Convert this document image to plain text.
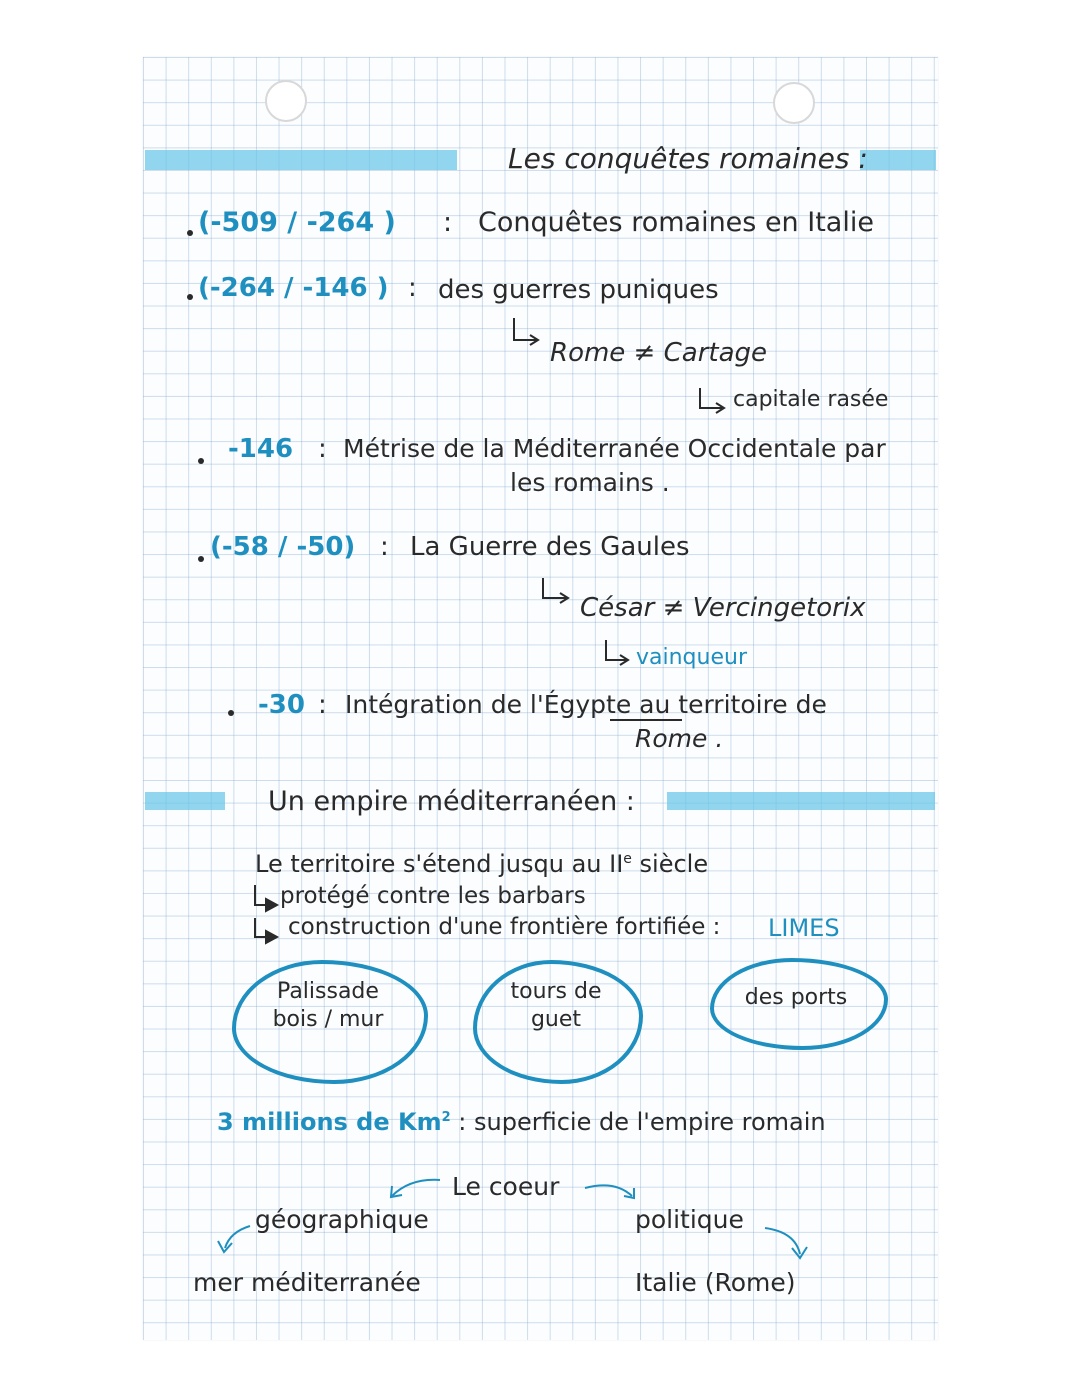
Les conquêtes romaines :
(-509 / -264 ) : Conquêtes romaines en Italie
(-264 / -146 ) : des guerres puniques
Rome ≠ Cartage
capitale rasée
-146 : Métrise de la Méditerranée Occidentale par
les romains .
(-58 / -50) : La Guerre des Gaules
César ≠ Vercingetorix
vainqueur
-30 : Intégration de l'Égypte au territoire de
Rome .
Un empire méditerranéen :
Le territoire s'étend jusqu au IIe siècle
protégé contre les barbars
construction d'une frontière fortifiée : LIMES
Palissade
bois / mur
tours de
guet
des ports
3 millions de Km$^2$ : superficie de l'empire romain
Le coeur
géographique
mer méditerranée
politique
Italie (Rome)
